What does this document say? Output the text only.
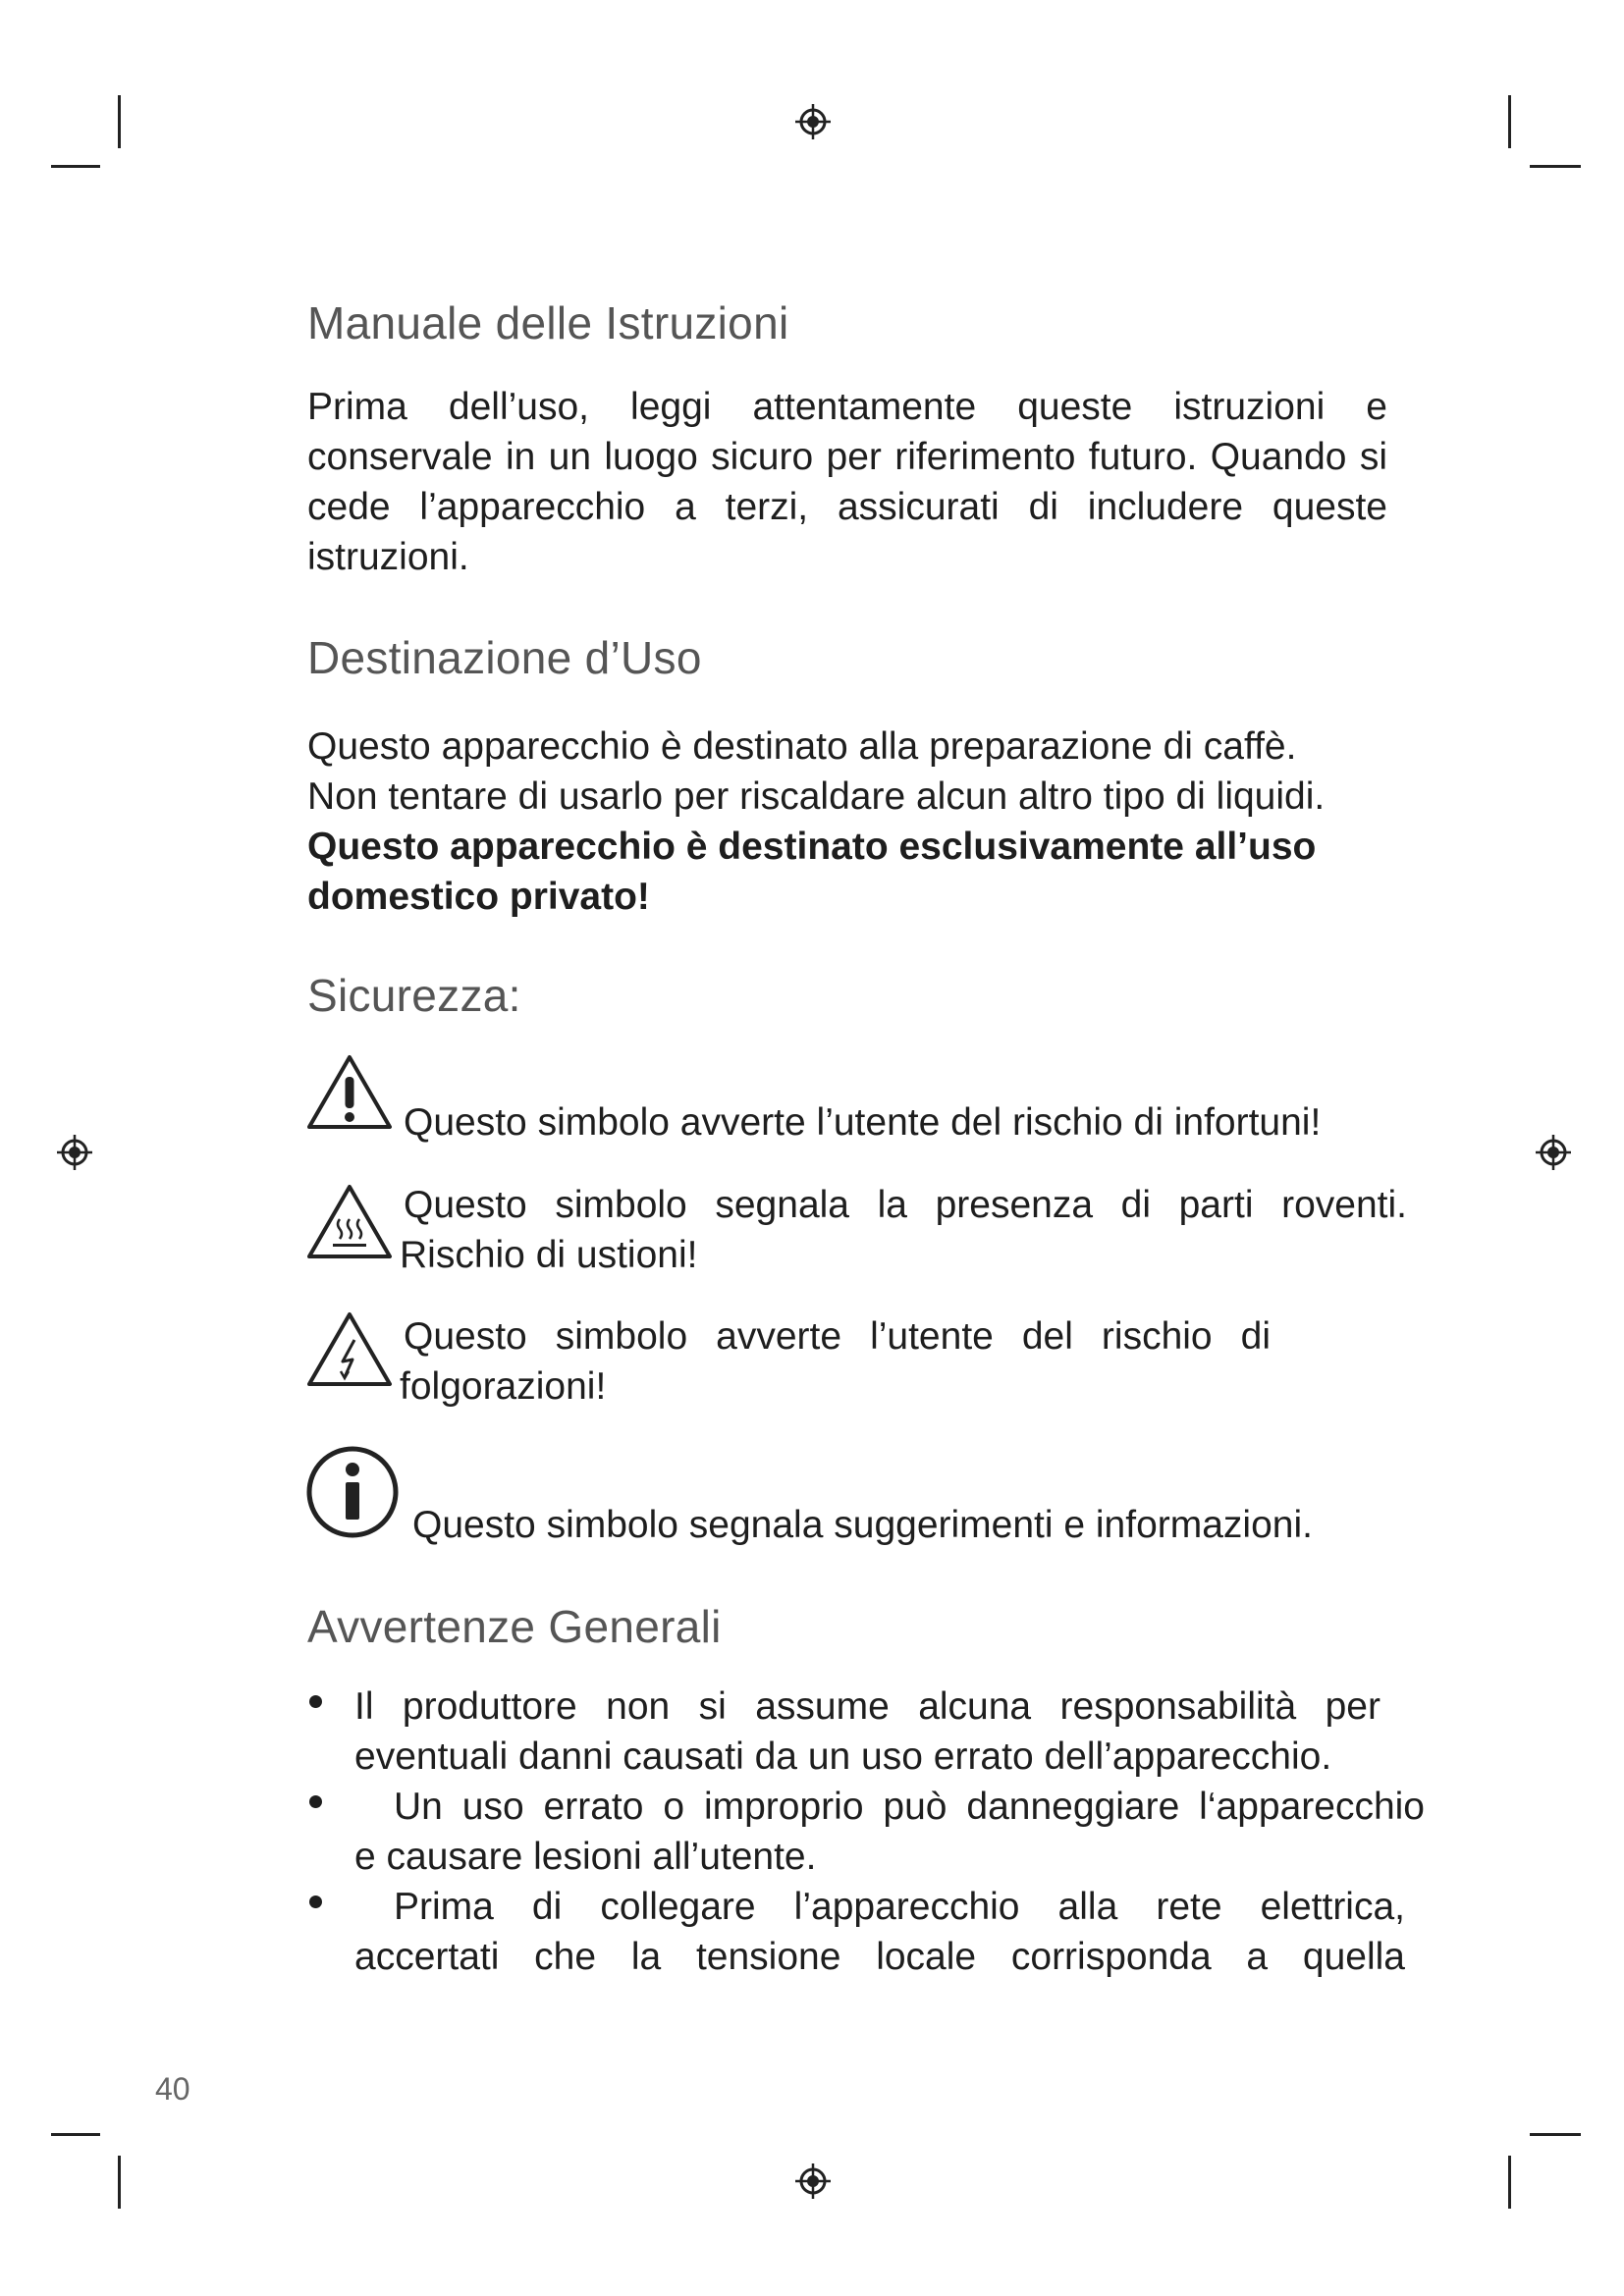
Manuale delle Istruzioni

Prima dell’uso, leggi attentamente queste istruzioni e conservale in un luogo sicuro per riferimento futuro. Quando si cede l’apparecchio a terzi, assicurati di includere queste istruzioni.

Destinazione d’Uso

Questo apparecchio è destinato alla preparazione di caffè.
Non tentare di usarlo per riscaldare alcun altro tipo di liquidi.
Questo apparecchio è destinato esclusivamente all’uso domestico privato!

Sicurezza:

Questo simbolo avverte l’utente del rischio di infortuni!

Questo simbolo segnala la presenza di parti roventi.
Rischio di ustioni!

Questo simbolo avverte l’utente del rischio di
folgorazioni!

Questo simbolo segnala suggerimenti e informazioni.

Avvertenze Generali
Il produttore non si assume alcuna responsabilità per
eventuali danni causati da un uso errato dell’apparecchio.
Un uso errato o improprio può danneggiare l‘apparecchio
e causare lesioni all’utente.
Prima di collegare l’apparecchio alla rete elettrica,
accertati che la tensione locale corrisponda a quella
40
